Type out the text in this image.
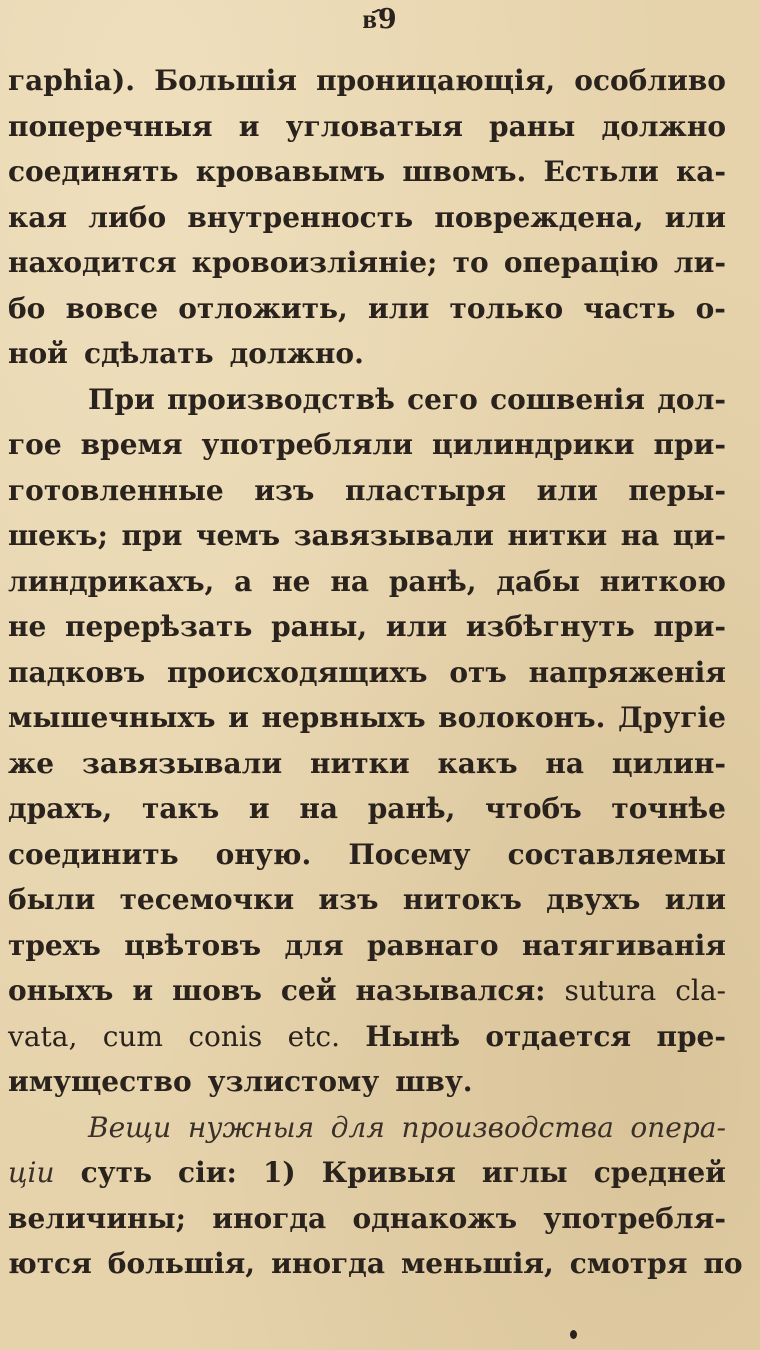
в҄9
гарhia). Большія проницающія, особливо
поперечныя и угловатыя раны должно
соединять кровавымъ швомъ. Естьли ка-
кая либо внутренность повреждена, или
находится кровоизлiянiе; то операцiю ли-
бо вовсе отложить, или только часть о-
ной сдѣлать должно.
При производствѣ сего сошвенія дол-
гое время употребляли цилиндрики при-
готовленные изъ пластыря или перы-
шекъ; при чемъ завязывали нитки на ци-
линдрикахъ, а не на ранѣ, дабы ниткою
не перерѣзать раны, или избѣгнуть при-
падковъ происходящихъ отъ напряженія
мышечныхъ и нервныхъ волоконъ. Другіе
же завязывали нитки какъ на цилин-
драхъ, такъ и на ранѣ, чтобъ точнѣе
соединить оную. Посему составляемы
были тесемочки изъ нитокъ двухъ или
трехъ цвѣтовъ для равнаго натягиванія
оныхъ и шовъ сей назывался: sutura cla-
vata, cum conis etc. Нынѣ отдается пре-
имущество узлистому шву.
Вещи нужныя для производства опера-
цiи суть сiи: 1) Кривыя иглы средней
величины; иногда однакожъ употребля-
ются большія, иногда меньшія, смотря по
